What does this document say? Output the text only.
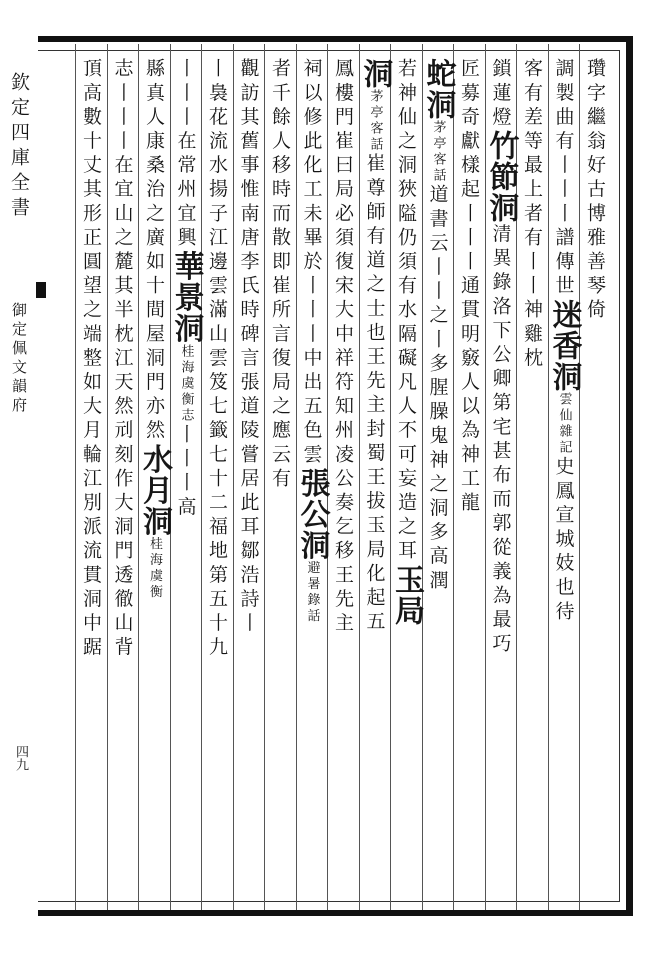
欽定四庫全書
御定佩文韻府
四九
瓚字繼翁好古博雅善琴倚
調製曲有丨丨丨譜傳世迷香洞雲仙雜記史鳳宣城妓也待
客有差等最上者有丨丨神雞枕
鎖蓮燈竹節洞清異錄洛下公卿第宅甚布而郭從義為最巧
匠募奇獻樣起丨丨丨通貫明竅人以為神工龍
蛇洞茅亭客話道書云丨丨之丨多腥臊鬼神之洞多高潤
若神仙之洞狹隘仍須有水隔礙凡人不可妄造之耳玉局
洞茅亭客話崔尊師有道之士也王先主封蜀王拔玉局化起五
鳳樓門崔曰局必須復宋大中祥符知州凌公奏乞移王先主
祠以修此化工未畢於丨丨丨中出五色雲張公洞避暑錄話
者千餘人移時而散即崔所言復局之應云有
觀訪其舊事惟南唐李氏時碑言張道陵嘗居此耳鄒浩詩丨
丨裊花流水揚子江邊雲滿山雲笈七籤七十二福地第五十九
丨丨丨在常州宜興華景洞桂海虞衡志丨丨丨高
縣真人康桑治之廣如十間屋洞門亦然水月洞桂海虞衡
志丨丨丨在宜山之麓其半枕江天然刓刻作大洞門透徹山背
頂高數十丈其形正圓望之端整如大月輪江別派流貫洞中踞
